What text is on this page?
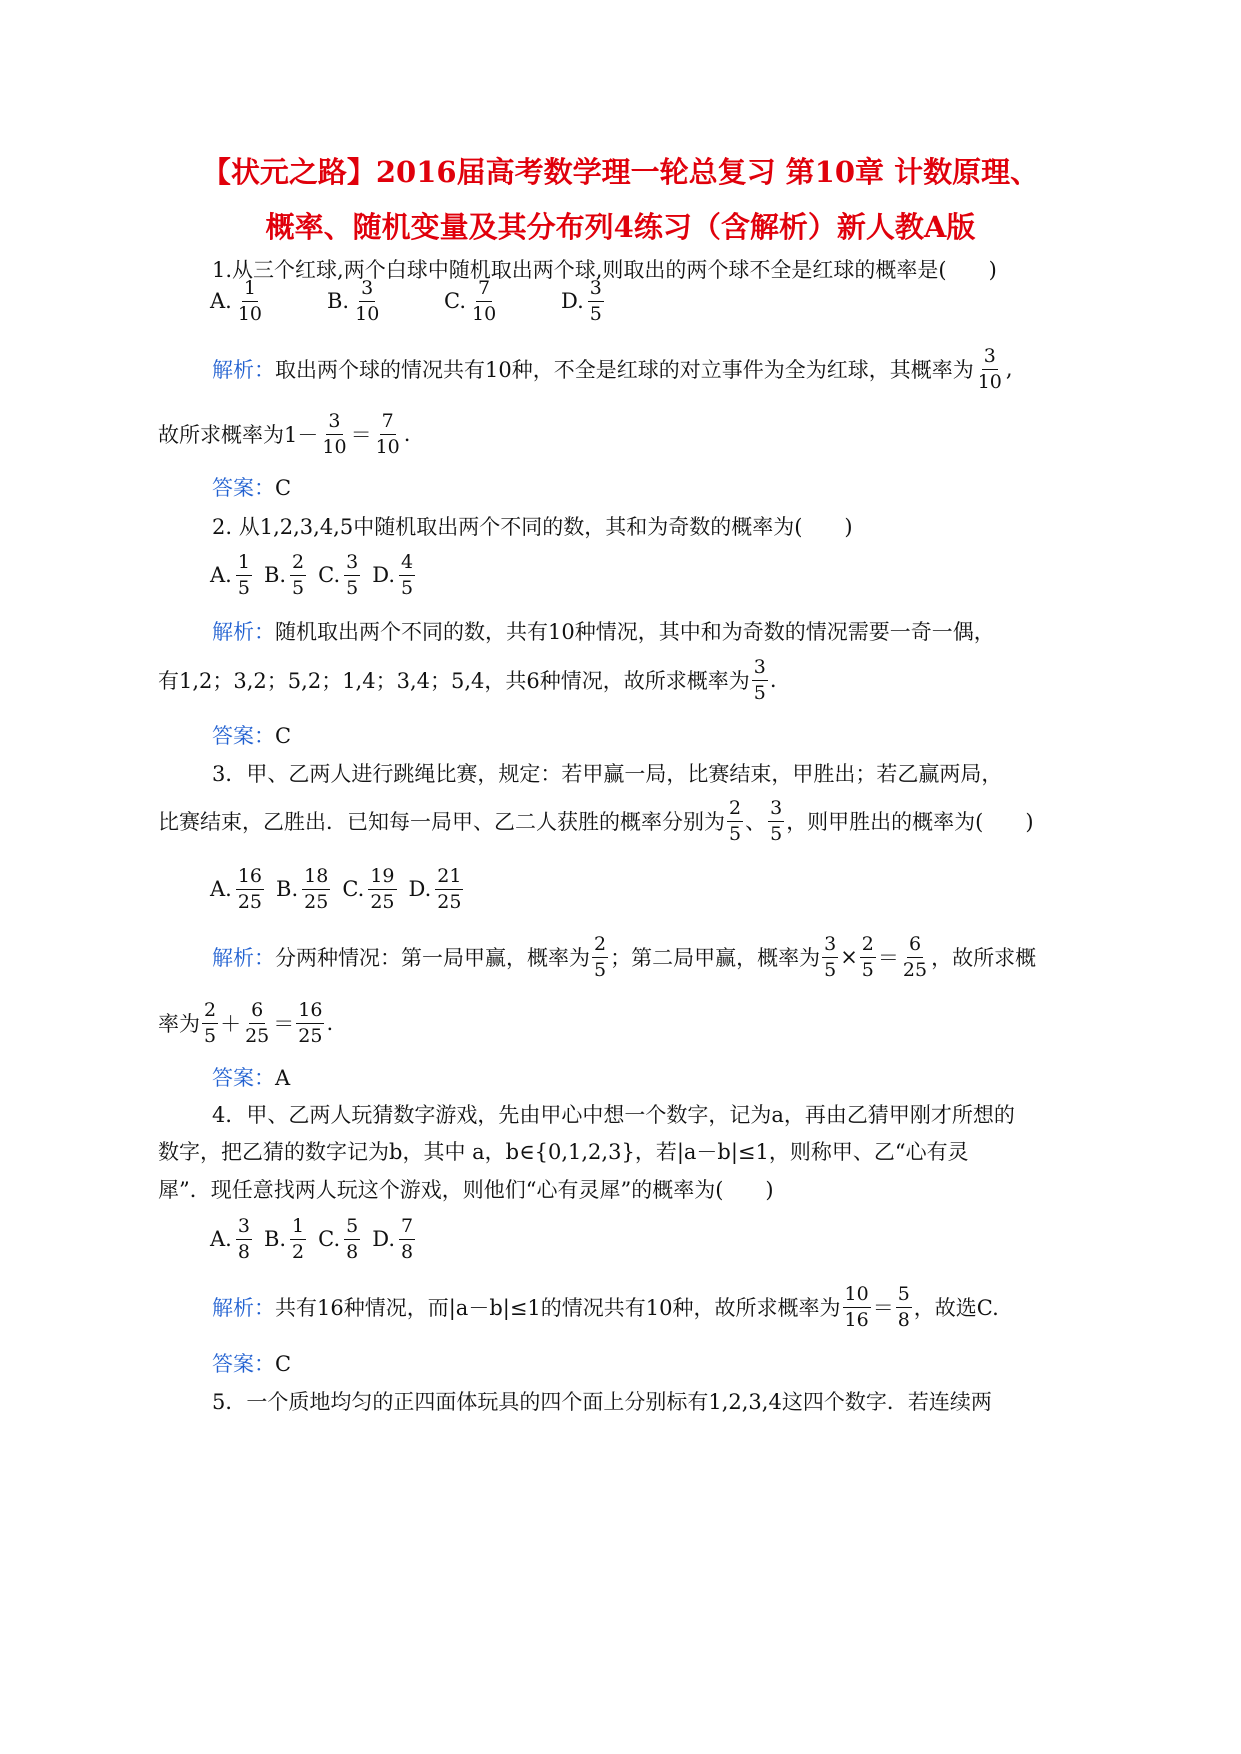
【状元之路】2016届高考数学理一轮总复习 第10章 计数原理、
概率、随机变量及其分布列4练习（含解析）新人教A版
1.从三个红球,两个白球中随机取出两个球,则取出的两个球不全是红球的概率是(　　)
A. $\frac{1}{10}$	B. $\frac{3}{10}$	C. $\frac{7}{10}$	D. $\frac{3}{5}$
解析： 取出两个球的情况共有10种，不全是红球的对立事件为全为红球，其概率为 $\frac{3}{10}$ ,
故所求概率为$1- \frac{3}{10} = \frac{7}{10}$ .
答案：C
2. 从1,2,3,4,5中随机取出两个不同的数，其和为奇数的概率为(　　)
A. $\frac{1}{5} B$. $\frac{2}{5} C$. $\frac{3}{5} D$. $\frac{4}{5}$
解析：随机取出两个不同的数，共有10种情况，其中和为奇数的情况需要一奇一偶，
有1,2；3,2；5,2；1,4；3,4；5,4，共6种情况，故所求概率为 $\frac{3}{5}$ .
答案：C
3．甲、乙两人进行跳绳比赛，规定：若甲赢一局，比赛结束，甲胜出；若乙赢两局，
比赛结束，乙胜出．已知每一局甲、乙二人获胜的概率分别为 $\frac{2}{5}$ 、 $\frac{3}{5}$ ，则甲胜出的概率为(　　)
A. $\frac{16}{25} B$. $\frac{18}{25} C$. $\frac{19}{25} D$. $\frac{21}{25}$
解析： 分两种情况：第一局甲赢，概率为 $\frac{2}{5}$ ；第二局甲赢，概率为 $\frac{3}{5} \times \frac{2}{5} = \frac{6}{25}$ ，故所求概
率为 $\frac{2}{5} + \frac{6}{25} = \frac{16}{25}$ .
答案：A
4．甲、乙两人玩猜数字游戏，先由甲心中想一个数字，记为a，再由乙猜甲刚才所想的
数字，把乙猜的数字记为b，其中 a，b∈{0,1,2,3}，若|a－b|≤1，则称甲、乙“心有灵
犀”．现任意找两人玩这个游戏，则他们“心有灵犀”的概率为(　　)
A. $\frac{3}{8} B$. $\frac{1}{2} C$. $\frac{5}{8} D$. $\frac{7}{8}$
解析： 共有16种情况，而|a－b|≤1的情况共有10种，故所求概率为 $\frac{10}{16} = \frac{5}{8}$ ，故选C.
答案：C
5．一个质地均匀的正四面体玩具的四个面上分别标有1,2,3,4这四个数字．若连续两
